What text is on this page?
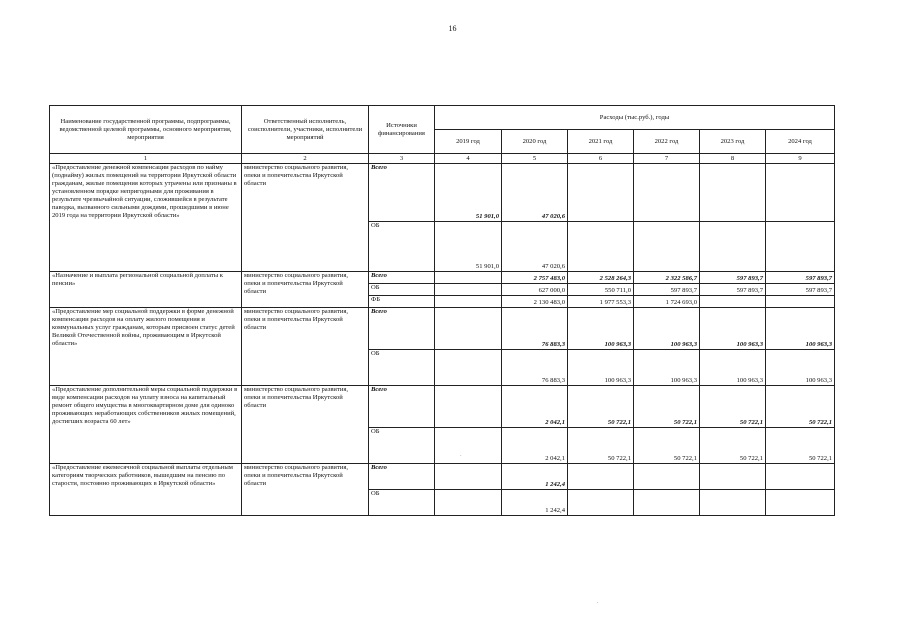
16
Наименование государственной программы, подпрограммы, ведомственной целевой программы, основного мероприятия, мероприятия	Ответственный исполнитель, соисполнители, участники, исполнители мероприятий	Источники финансирования	Расходы (тыс.руб.), годы					
			2019 год	2020 год	2021 год	2022 год	2023 год	2024 год
1	2	3	4	5	6	7	8	9
«Предоставление денежной компенсации расходов по найму (поднайму) жилых помещений на территории Иркутской области гражданам, жилые помещения которых утрачены или признаны в установленном порядке непригодными для проживания в результате чрезвычайной ситуации, сложившейся в результате паводка, вызванного сильными дождями, прошедшими в июне 2019 года на территории Иркутской области»	министерство социального развития, опеки и попечительства Иркутской области	Всего	51 901,0	47 020,6				
		ОБ	51 901,0	47 020,6				
«Назначение и выплата региональной социальной доплаты к пенсии»	министерство социального развития, опеки и попечительства Иркутской области	Всего		2 757 483,0	2 528 264,3	2 322 586,7	597 893,7	597 893,7
		ОБ		627 000,0	550 711,0	597 893,7	597 893,7	597 893,7
		ФБ		2 130 483,0	1 977 553,3	1 724 693,0		
«Предоставление мер социальной поддержки в форме денежной компенсации расходов на оплату жилого помещения и коммунальных услуг гражданам, которым присвоен статус детей Великой Отечественной войны, проживающим в Иркутской области»	министерство социального развития, опеки и попечительства Иркутской области	Всего		76 883,3	100 963,3	100 963,3	100 963,3	100 963,3
		ОБ		76 883,3	100 963,3	100 963,3	100 963,3	100 963,3
«Предоставление дополнительной меры социальной поддержки в виде компенсации расходов на уплату взноса на капитальный ремонт общего имущества в многоквартирном доме для одиноко проживающих неработающих собственников жилых помещений, достигших возраста 60 лет»	министерство социального развития, опеки и попечительства Иркутской области	Всего		2 042,1	50 722,1	50 722,1	50 722,1	50 722,1
		ОБ		2 042,1	50 722,1	50 722,1	50 722,1	50 722,1
«Предоставление ежемесячной социальной выплаты отдельным категориям творческих работников, вышедшим на пенсию по старости, постоянно проживающих в Иркутской области»	министерство социального развития, опеки и попечительства Иркутской области	Всего		1 242,4				
		ОБ		1 242,4				
·
·
